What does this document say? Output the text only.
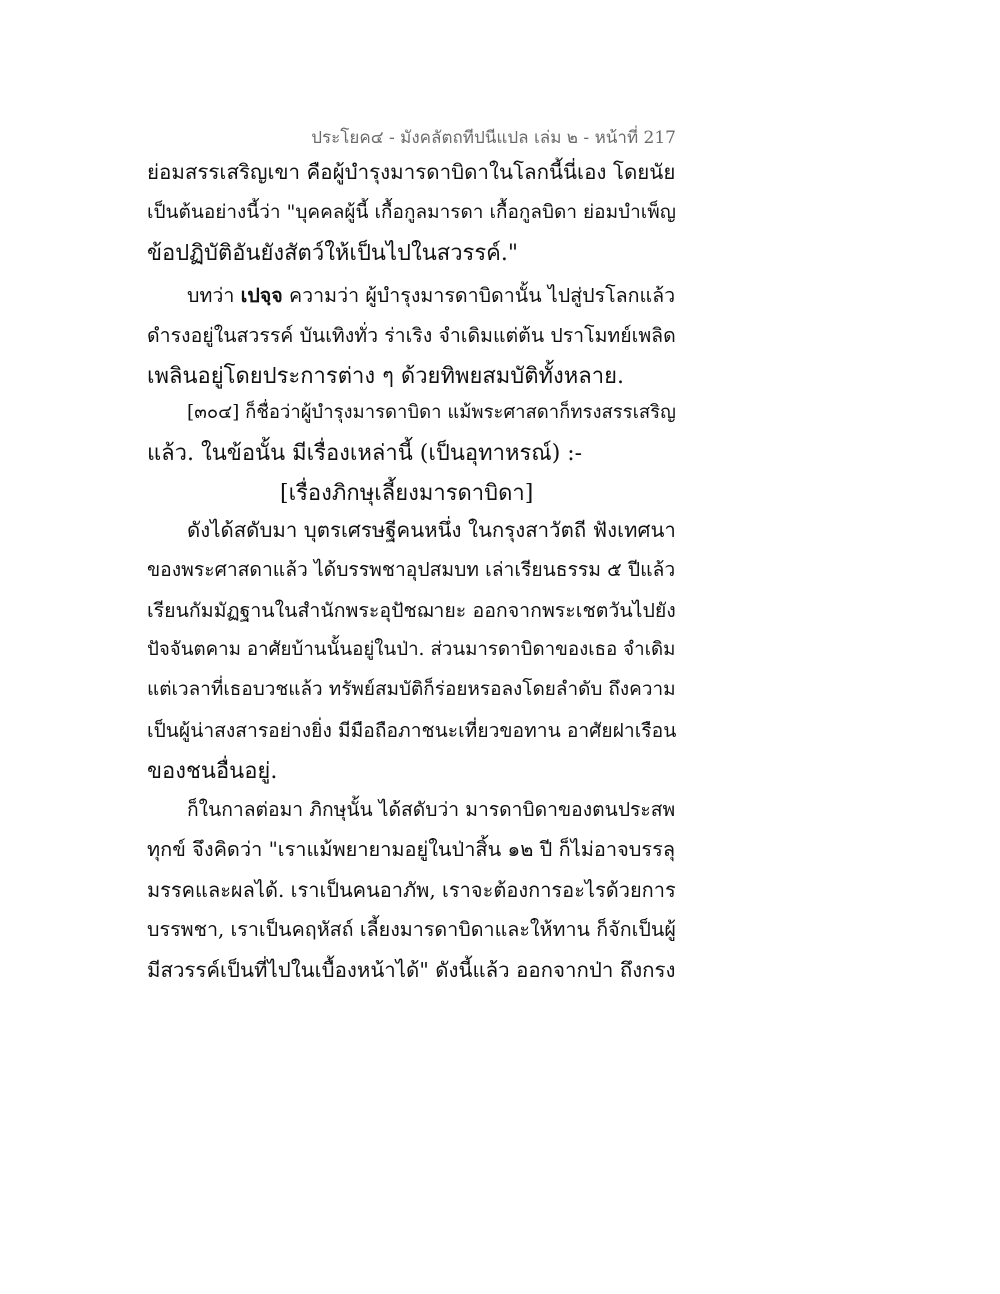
ประโยค๔ - มังคลัตถทีปนีแปล เล่ม ๒ - หน้าที่ 217
ย่อมสรรเสริญเขา คือผู้บำรุงมารดาบิดาในโลกนี้นี่เอง โดยนัย
เป็นต้นอย่างนี้ว่า "บุคคลผู้นี้ เกื้อกูลมารดา เกื้อกูลบิดา ย่อมบำเพ็ญ
ข้อปฏิบัติอันยังสัตว์ให้เป็นไปในสวรรค์."
บทว่า เปจฺจ ความว่า ผู้บำรุงมารดาบิดานั้น ไปสู่ปรโลกแล้ว
ดำรงอยู่ในสวรรค์ บันเทิงทั่ว ร่าเริง จำเดิมแต่ต้น ปราโมทย์เพลิด
เพลินอยู่โดยประการต่าง ๆ ด้วยทิพยสมบัติทั้งหลาย.
[๓๐๔] ก็ชื่อว่าผู้บำรุงมารดาบิดา แม้พระศาสดาก็ทรงสรรเสริญ
แล้ว. ในข้อนั้น มีเรื่องเหล่านี้ (เป็นอุทาหรณ์) :-
[เรื่องภิกษุเลี้ยงมารดาบิดา]
ดังได้สดับมา บุตรเศรษฐีคนหนึ่ง ในกรุงสาวัตถี ฟังเทศนา
ของพระศาสดาแล้ว ได้บรรพชาอุปสมบท เล่าเรียนธรรม ๕ ปีแล้ว
เรียนกัมมัฏฐานในสำนักพระอุปัชฌายะ ออกจากพระเชตวันไปยัง
ปัจจันตคาม อาศัยบ้านนั้นอยู่ในป่า. ส่วนมารดาบิดาของเธอ จำเดิม
แต่เวลาที่เธอบวชแล้ว ทรัพย์สมบัติก็ร่อยหรอลงโดยลำดับ ถึงความ
เป็นผู้น่าสงสารอย่างยิ่ง มีมือถือภาชนะเที่ยวขอทาน อาศัยฝาเรือน
ของชนอื่นอยู่.
ก็ในกาลต่อมา ภิกษุนั้น ได้สดับว่า มารดาบิดาของตนประสพ
ทุกข์ จึงคิดว่า "เราแม้พยายามอยู่ในป่าสิ้น ๑๒ ปี ก็ไม่อาจบรรลุ
มรรคและผลได้. เราเป็นคนอาภัพ, เราจะต้องการอะไรด้วยการ
บรรพชา, เราเป็นคฤหัสถ์ เลี้ยงมารดาบิดาและให้ทาน ก็จักเป็นผู้
มีสวรรค์เป็นที่ไปในเบื้องหน้าได้" ดังนี้แล้ว ออกจากป่า ถึงกรง
